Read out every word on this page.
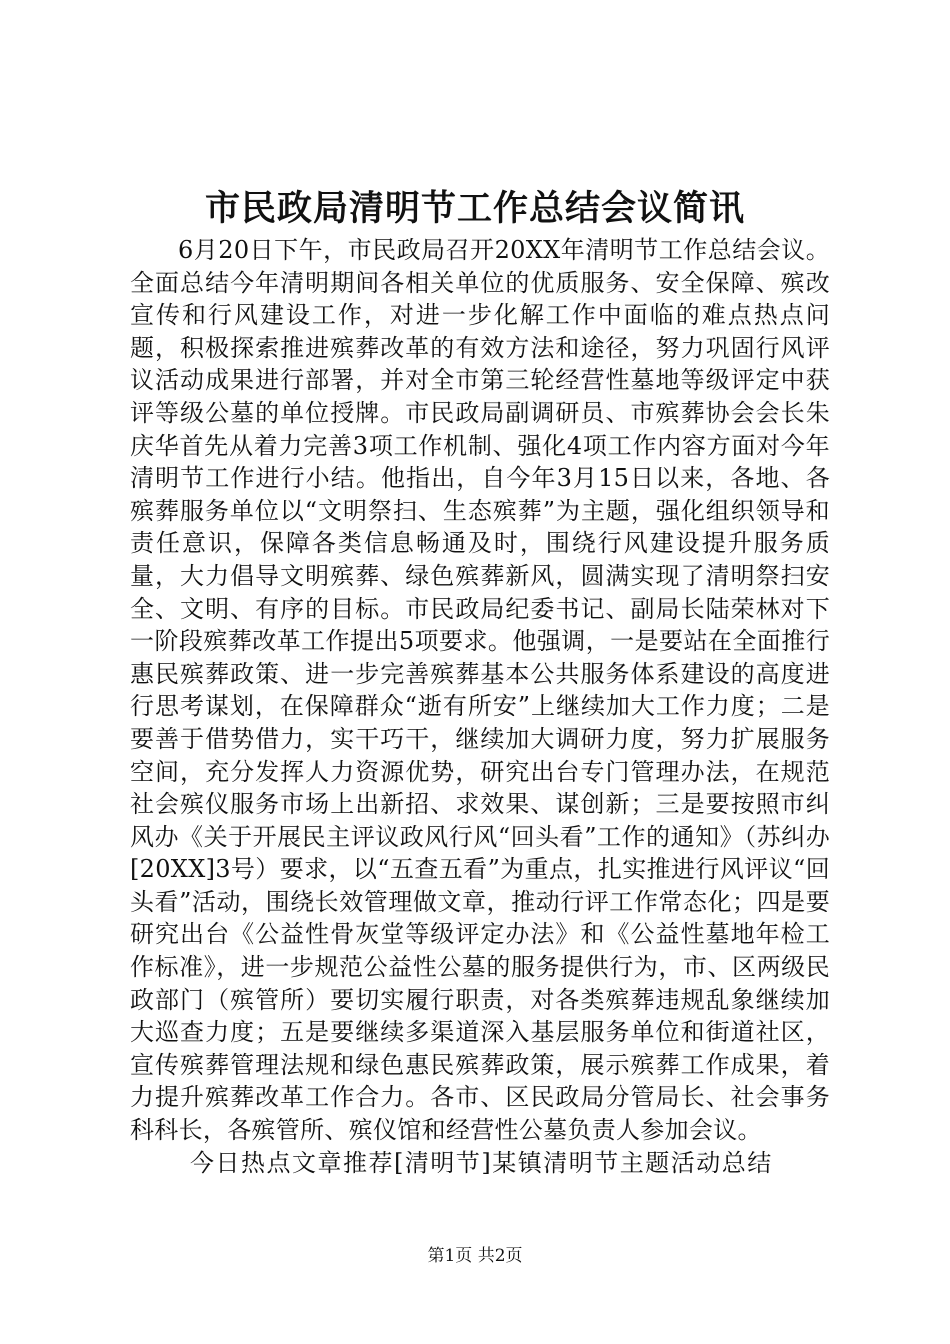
市民政局清明节工作总结会议简讯

6月20日下午，市民政局召开20XX年清明节工作总结会议。全面总结今年清明期间各相关单位的优质服务、安全保障、殡改宣传和行风建设工作，对进一步化解工作中面临的难点热点问题，积极探索推进殡葬改革的有效方法和途径，努力巩固行风评议活动成果进行部署，并对全市第三轮经营性墓地等级评定中获评等级公墓的单位授牌。市民政局副调研员、市殡葬协会会长朱庆华首先从着力完善3项工作机制、强化4项工作内容方面对今年清明节工作进行小结。他指出，自今年3月15日以来，各地、各殡葬服务单位以“文明祭扫、生态殡葬”为主题，强化组织领导和责任意识，保障各类信息畅通及时，围绕行风建设提升服务质量，大力倡导文明殡葬、绿色殡葬新风，圆满实现了清明祭扫安全、文明、有序的目标。市民政局纪委书记、副局长陆荣林对下一阶段殡葬改革工作提出5项要求。他强调，一是要站在全面推行惠民殡葬政策、进一步完善殡葬基本公共服务体系建设的高度进行思考谋划，在保障群众“逝有所安”上继续加大工作力度；二是要善于借势借力，实干巧干，继续加大调研力度，努力扩展服务空间，充分发挥人力资源优势，研究出台专门管理办法，在规范社会殡仪服务市场上出新招、求效果、谋创新；三是要按照市纠风办《关于开展民主评议政风行风“回头看”工作的通知》（苏纠办[20XX]3号）要求，以“五查五看”为重点，扎实推进行风评议“回头看”活动，围绕长效管理做文章，推动行评工作常态化；四是要研究出台《公益性骨灰堂等级评定办法》和《公益性墓地年检工作标准》，进一步规范公益性公墓的服务提供行为，市、区两级民政部门（殡管所）要切实履行职责，对各类殡葬违规乱象继续加大巡查力度；五是要继续多渠道深入基层服务单位和街道社区，宣传殡葬管理法规和绿色惠民殡葬政策，展示殡葬工作成果，着力提升殡葬改革工作合力。各市、区民政局分管局长、社会事务科科长，各殡管所、殡仪馆和经营性公墓负责人参加会议。

今日热点文章推荐[清明节]某镇清明节主题活动总结

第1页 共2页
